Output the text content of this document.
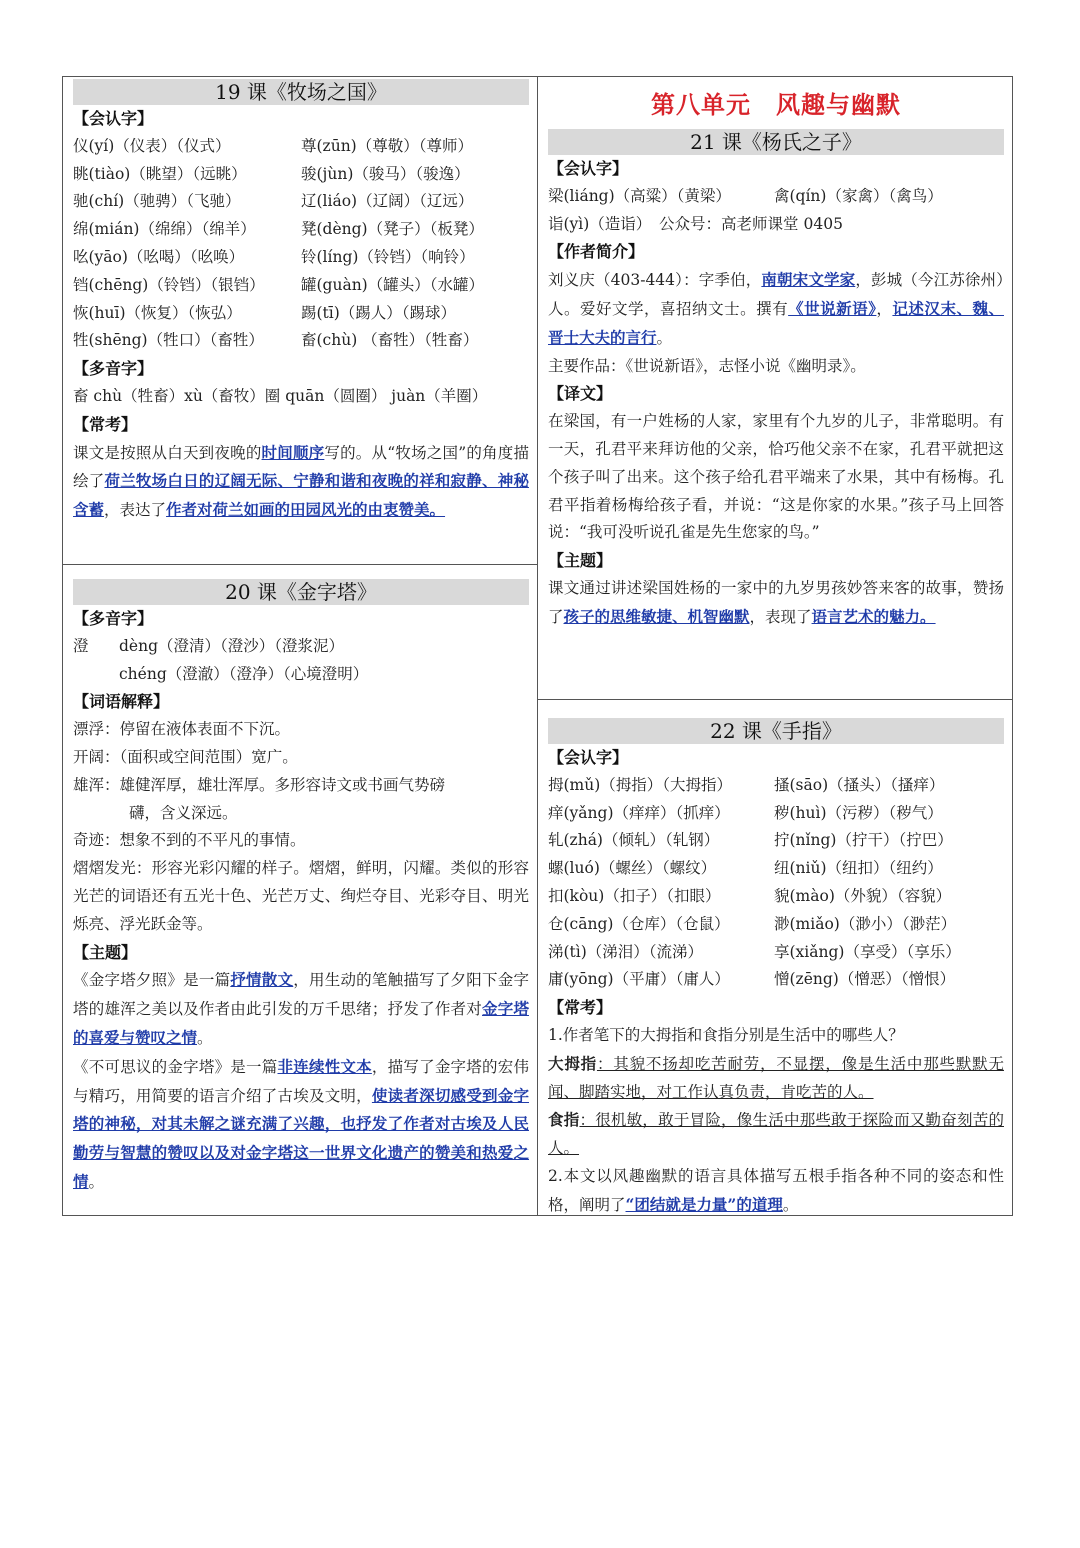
19 课《牧场之国》
【会认字】
仪(yí)（仪表）（仪式）	尊(zūn)（尊敬）（尊师）
眺(tiào)（眺望）（远眺）	骏(jùn)（骏马）（骏逸）
驰(chí)（驰骋）（飞驰）	辽(liáo)（辽阔）（辽远）
绵(mián)（绵绵）（绵羊）	凳(dèng)（凳子）（板凳）
吆(yāo)（吆喝）（吆唤）	铃(líng)（铃铛）（响铃）
铛(chēng)（铃铛）（银铛） 罐(guàn)（罐头）（水罐）
恢(huī)（恢复）（恢弘）	踢(tī)（踢人）（踢球）
牲(shēng)（牲口）（畜牲） 畜(chù) （畜牲）（牲畜）
【多音字】
畜 chù（牲畜）xù（畜牧）圈 quān（圆圈） juàn（羊圈）
【常考】
课文是按照从白天到夜晚的时间顺序写的。从“牧场之国”的角度描绘了荷兰牧场白日的辽阔无际、宁静和谐和夜晚的祥和寂静、神秘含蓄，表达了作者对荷兰如画的田园风光的由衷赞美。
20 课《金字塔》
【多音字】
澄 dèng（澄清）（澄沙）（澄浆泥）
chéng（澄澈）（澄净）（心境澄明）
【词语解释】
漂浮：停留在液体表面不下沉。
开阔：（面积或空间范围）宽广。
雄浑：雄健浑厚，雄壮浑厚。多形容诗文或书画气势磅
礴，含义深远。
奇迹：想象不到的不平凡的事情。
熠熠发光：形容光彩闪耀的样子。熠熠，鲜明，闪耀。类似的形容光芒的词语还有五光十色、光芒万丈、绚烂夺目、光彩夺目、明光烁亮、浮光跃金等。
【主题】
《金字塔夕照》是一篇抒情散文，用生动的笔触描写了夕阳下金字塔的雄浑之美以及作者由此引发的万千思绪；抒发了作者对金字塔的喜爱与赞叹之情。
《不可思议的金字塔》是一篇非连续性文本，描写了金字塔的宏伟与精巧，用简要的语言介绍了古埃及文明，使读者深切感受到金字塔的神秘，对其未解之谜充满了兴趣，也抒发了作者对古埃及人民勤劳与智慧的赞叹以及对金字塔这一世界文化遗产的赞美和热爱之情。
第八单元　风趣与幽默
21 课《杨氏之子》
【会认字】
梁(liáng)（高粱）（黄梁）	禽(qín)（家禽）（禽鸟）
诣(yì)（造诣）　公众号：高老师课堂 0405
【作者简介】
刘义庆（403-444）：字季伯，南朝宋文学家，彭城（今江苏徐州）人。爱好文学，喜招纳文士。撰有《世说新语》，记述汉末、魏、晋士大夫的言行。
主要作品：《世说新语》，志怪小说《幽明录》。
【译文】
在梁国，有一户姓杨的人家，家里有个九岁的儿子，非常聪明。有一天，孔君平来拜访他的父亲，恰巧他父亲不在家，孔君平就把这个孩子叫了出来。这个孩子给孔君平端来了水果，其中有杨梅。孔君平指着杨梅给孩子看，并说：“这是你家的水果。”孩子马上回答说：“我可没听说孔雀是先生您家的鸟。”
【主题】
课文通过讲述梁国姓杨的一家中的九岁男孩妙答来客的故事，赞扬了孩子的思维敏捷、机智幽默，表现了语言艺术的魅力。
22 课《手指》
【会认字】
拇(mǔ)（拇指）（大拇指）	搔(sāo)（搔头）（搔痒）
痒(yǎng)（痒痒）（抓痒）	秽(huì)（污秽）（秽气）
轧(zhá)（倾轧）（轧钢）	拧(nǐng)（拧干）（拧巴）
螺(luó)（螺丝）（螺纹）	纽(niǔ)（纽扣）（纽约）
扣(kòu)（扣子）（扣眼）	貌(mào)（外貌）（容貌）
仓(cāng)（仓库）（仓鼠）	渺(miǎo)（渺小）（渺茫）
涕(tì)（涕泪）（流涕）	享(xiǎng)（享受）（享乐）
庸(yōng)（平庸）（庸人）	憎(zēng)（憎恶）（憎恨）
【常考】
1.作者笔下的大拇指和食指分别是生活中的哪些人？
大拇指：其貌不扬却吃苦耐劳，不显摆，像是生活中那些默默无闻、脚踏实地，对工作认真负责，肯吃苦的人。
食指：很机敏，敢于冒险，像生活中那些敢于探险而又勤奋刻苦的人。
2.本文以风趣幽默的语言具体描写五根手指各种不同的姿态和性格，阐明了“团结就是力量”的道理。
